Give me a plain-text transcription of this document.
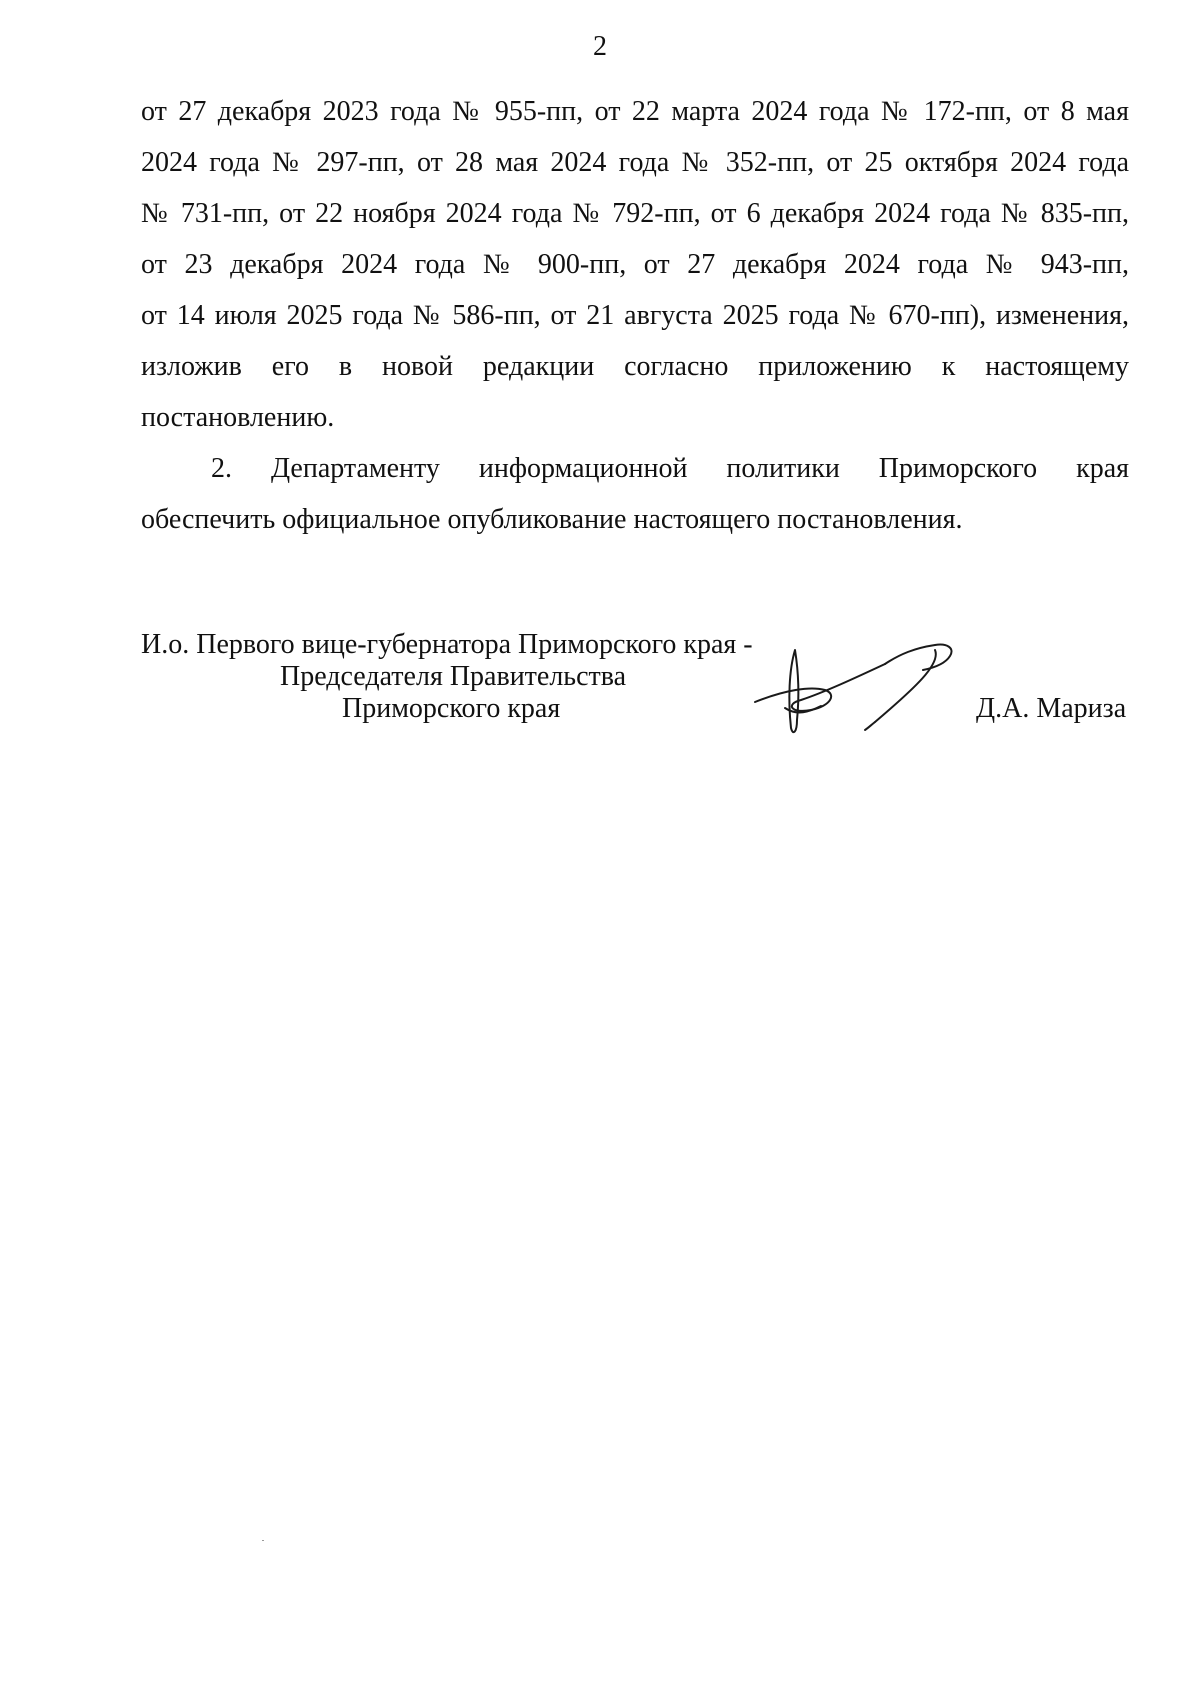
2

от 27 декабря 2023 года № 955-пп, от 22 марта 2024 года № 172-пп, от 8 мая

2024 года № 297-пп, от 28 мая 2024 года № 352-пп, от 25 октября 2024 года

№ 731-пп, от 22 ноября 2024 года № 792-пп, от 6 декабря 2024 года № 835-пп,

от 23 декабря 2024 года № 900-пп, от 27 декабря 2024 года № 943-пп,

от 14 июля 2025 года № 586-пп, от 21 августа 2025 года № 670-пп), изменения,

изложив его в новой редакции согласно приложению к настоящему

постановлению.

2. Департаменту информационной политики Приморского края

обеспечить официальное опубликование настоящего постановления.

И.о. Первого вице-губернатора Приморского края -

Председателя Правительства

Приморского края	Д.А. Мариза
